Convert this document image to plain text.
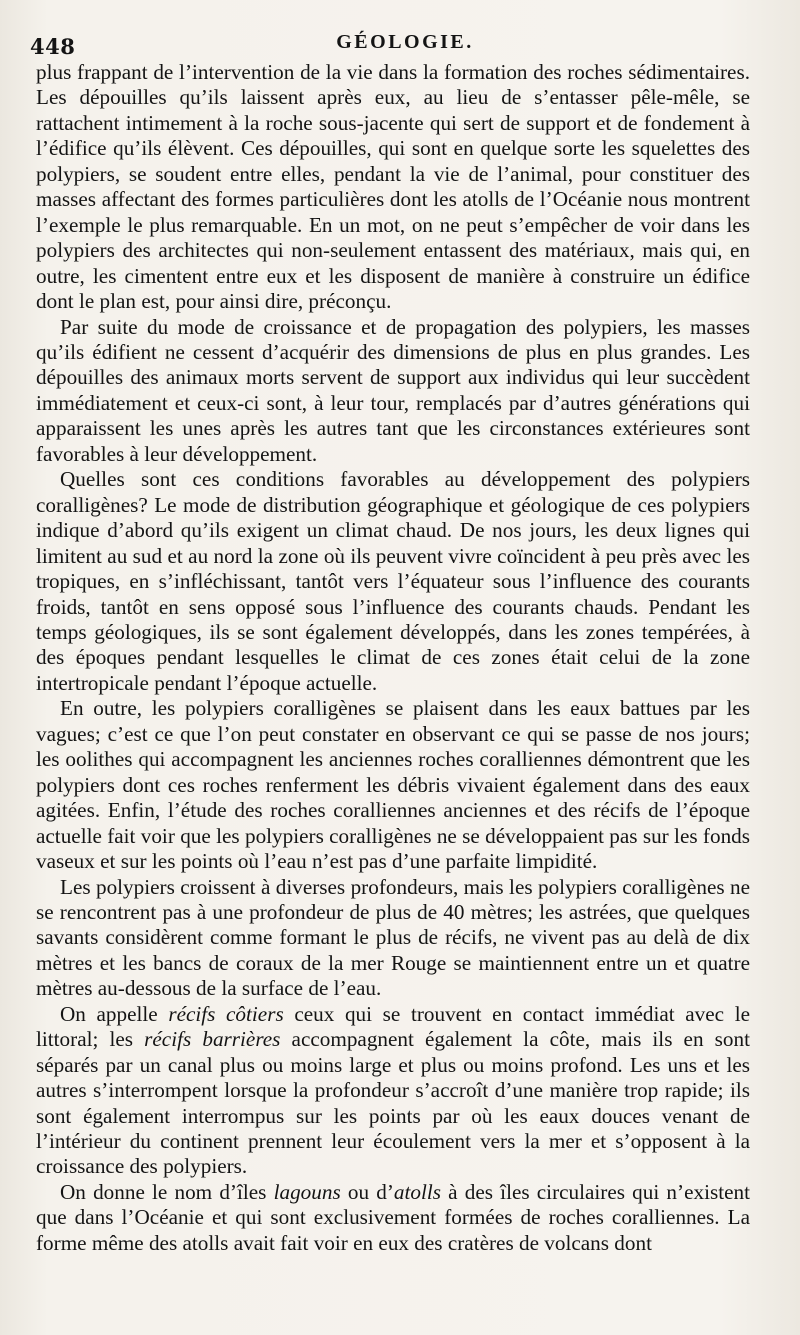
448	GÉOLOGIE.

plus frappant de l’intervention de la vie dans la formation des roches sédimentaires. Les dépouilles qu’ils laissent après eux, au lieu de s’entasser pêle-mêle, se rattachent intimement à la roche sous-jacente qui sert de support et de fondement à l’édifice qu’ils élèvent. Ces dépouilles, qui sont en quelque sorte les squelettes des polypiers, se soudent entre elles, pendant la vie de l’animal, pour constituer des masses affectant des formes particulières dont les atolls de l’Océanie nous montrent l’exemple le plus remarquable. En un mot, on ne peut s’empêcher de voir dans les polypiers des architectes qui non-seulement entassent des matériaux, mais qui, en outre, les cimentent entre eux et les disposent de manière à construire un édifice dont le plan est, pour ainsi dire, préconçu.

Par suite du mode de croissance et de propagation des polypiers, les masses qu’ils édifient ne cessent d’acquérir des dimensions de plus en plus grandes. Les dépouilles des animaux morts servent de support aux individus qui leur succèdent immédiatement et ceux-ci sont, à leur tour, remplacés par d’autres générations qui apparaissent les unes après les autres tant que les circonstances extérieures sont favorables à leur développement.

Quelles sont ces conditions favorables au développement des polypiers coralligènes? Le mode de distribution géographique et géologique de ces polypiers indique d’abord qu’ils exigent un climat chaud. De nos jours, les deux lignes qui limitent au sud et au nord la zone où ils peuvent vivre coïncident à peu près avec les tropiques, en s’infléchissant, tantôt vers l’équateur sous l’influence des courants froids, tantôt en sens opposé sous l’influence des courants chauds. Pendant les temps géologiques, ils se sont également développés, dans les zones tempérées, à des époques pendant lesquelles le climat de ces zones était celui de la zone intertropicale pendant l’époque actuelle.

En outre, les polypiers coralligènes se plaisent dans les eaux battues par les vagues; c’est ce que l’on peut constater en observant ce qui se passe de nos jours; les oolithes qui accompagnent les anciennes roches coralliennes démontrent que les polypiers dont ces roches renferment les débris vivaient également dans des eaux agitées. Enfin, l’étude des roches coralliennes anciennes et des récifs de l’époque actuelle fait voir que les polypiers coralligènes ne se développaient pas sur les fonds vaseux et sur les points où l’eau n’est pas d’une parfaite limpidité.

Les polypiers croissent à diverses profondeurs, mais les polypiers coralligènes ne se rencontrent pas à une profondeur de plus de 40 mètres; les astrées, que quelques savants considèrent comme formant le plus de récifs, ne vivent pas au delà de dix mètres et les bancs de coraux de la mer Rouge se maintiennent entre un et quatre mètres au-dessous de la surface de l’eau.

On appelle récifs côtiers ceux qui se trouvent en contact immédiat avec le littoral; les récifs barrières accompagnent également la côte, mais ils en sont séparés par un canal plus ou moins large et plus ou moins profond. Les uns et les autres s’interrompent lorsque la profondeur s’accroît d’une manière trop rapide; ils sont également interrompus sur les points par où les eaux douces venant de l’intérieur du continent prennent leur écoulement vers la mer et s’opposent à la croissance des polypiers.

On donne le nom d’îles lagouns ou d’atolls à des îles circulaires qui n’existent que dans l’Océanie et qui sont exclusivement formées de roches coralliennes. La forme même des atolls avait fait voir en eux des cratères de volcans dont
